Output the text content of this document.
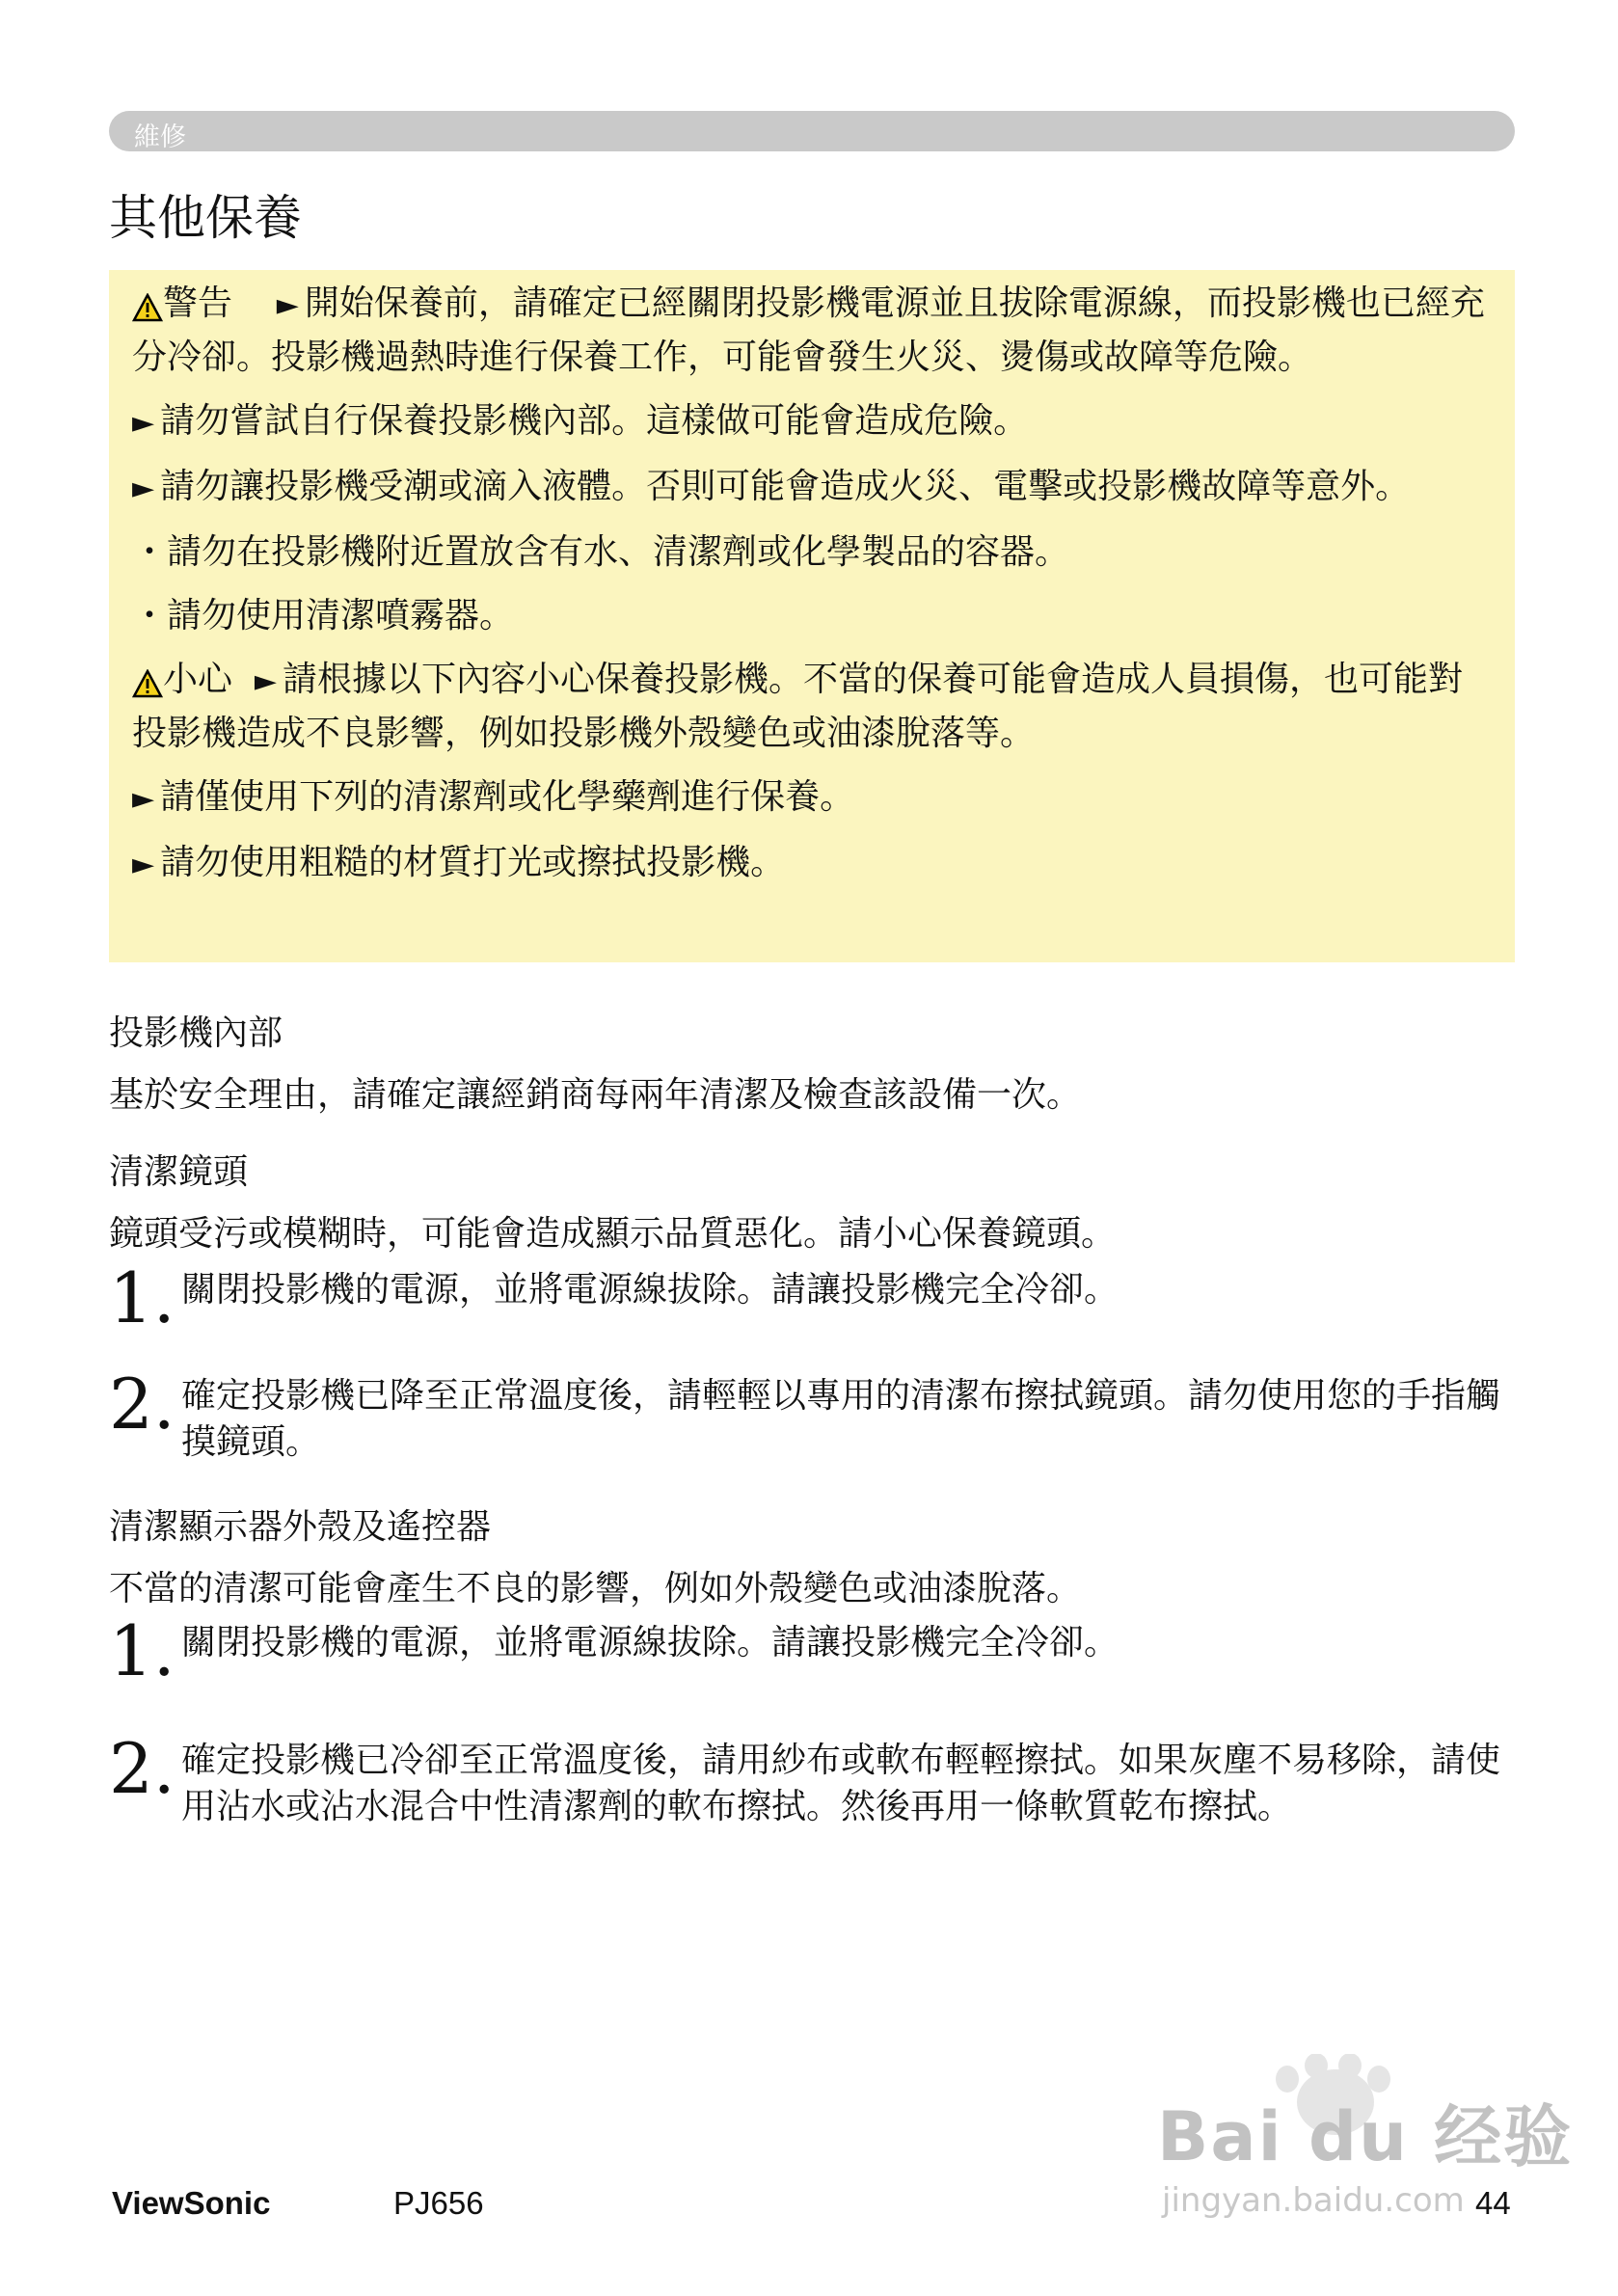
維修
其他保養

警告 ► 開始保養前，請確定已經關閉投影機電源並且拔除電源線，而投影機也已經充分冷卻。投影機過熱時進行保養工作，可能會發生火災、燙傷或故障等危險。

► 請勿嘗試自行保養投影機內部。這樣做可能會造成危險。

► 請勿讓投影機受潮或滴入液體。否則可能會造成火災、電擊或投影機故障等意外。

・請勿在投影機附近置放含有水、清潔劑或化學製品的容器。

・請勿使用清潔噴霧器。

小心 ► 請根據以下內容小心保養投影機。不當的保養可能會造成人員損傷，也可能對投影機造成不良影響，例如投影機外殼變色或油漆脫落等。

► 請僅使用下列的清潔劑或化學藥劑進行保養。

► 請勿使用粗糙的材質打光或擦拭投影機。

投影機內部

基於安全理由，請確定讓經銷商每兩年清潔及檢查該設備一次。

清潔鏡頭

鏡頭受污或模糊時，可能會造成顯示品質惡化。請小心保養鏡頭。

1. 關閉投影機的電源，並將電源線拔除。請讓投影機完全冷卻。
2. 確定投影機已降至正常溫度後，請輕輕以專用的清潔布擦拭鏡頭。請勿使用您的手指觸摸鏡頭。
清潔顯示器外殼及遙控器

不當的清潔可能會產生不良的影響，例如外殼變色或油漆脫落。

1. 關閉投影機的電源，並將電源線拔除。請讓投影機完全冷卻。
2. 確定投影機已冷卻至正常溫度後，請用紗布或軟布輕輕擦拭。如果灰塵不易移除，請使用沾水或沾水混合中性清潔劑的軟布擦拭。然後再用一條軟質乾布擦拭。
Bai du 经验
jingyan.baidu.com
ViewSonic	PJ656	44
